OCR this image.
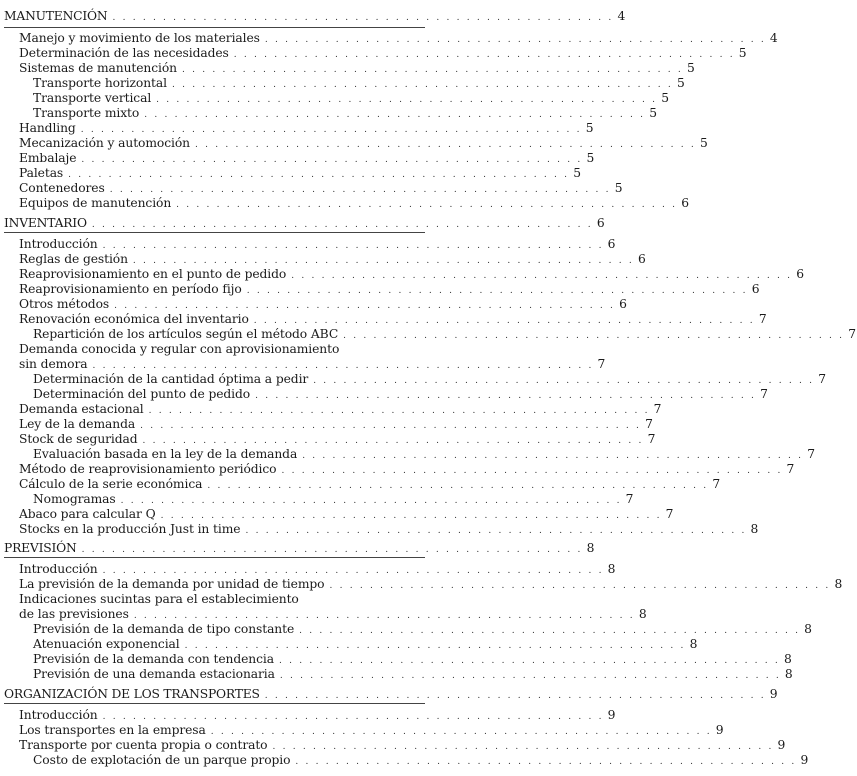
MANUTENCIÓN . . . . . . . . . . . . . . . . . . . . . . . . . . . . . . . . . . . . . . . . . . . . . . . . . . 4
Manejo y movimiento de los materiales . . . . . . . . . . . . . . . . . . . . . . . . . . . . . . . . . . . . . . . . . . . . . . . . . . 4
Determinación de las necesidades . . . . . . . . . . . . . . . . . . . . . . . . . . . . . . . . . . . . . . . . . . . . . . . . . . 5
Sistemas de manutención . . . . . . . . . . . . . . . . . . . . . . . . . . . . . . . . . . . . . . . . . . . . . . . . . . 5
Transporte horizontal . . . . . . . . . . . . . . . . . . . . . . . . . . . . . . . . . . . . . . . . . . . . . . . . . . 5
Transporte vertical . . . . . . . . . . . . . . . . . . . . . . . . . . . . . . . . . . . . . . . . . . . . . . . . . . 5
Transporte mixto . . . . . . . . . . . . . . . . . . . . . . . . . . . . . . . . . . . . . . . . . . . . . . . . . . 5
Handling . . . . . . . . . . . . . . . . . . . . . . . . . . . . . . . . . . . . . . . . . . . . . . . . . . 5
Mecanización y automoción . . . . . . . . . . . . . . . . . . . . . . . . . . . . . . . . . . . . . . . . . . . . . . . . . . 5
Embalaje . . . . . . . . . . . . . . . . . . . . . . . . . . . . . . . . . . . . . . . . . . . . . . . . . . 5
Paletas . . . . . . . . . . . . . . . . . . . . . . . . . . . . . . . . . . . . . . . . . . . . . . . . . . 5
Contenedores . . . . . . . . . . . . . . . . . . . . . . . . . . . . . . . . . . . . . . . . . . . . . . . . . . 5
Equipos de manutención . . . . . . . . . . . . . . . . . . . . . . . . . . . . . . . . . . . . . . . . . . . . . . . . . . 6
INVENTARIO . . . . . . . . . . . . . . . . . . . . . . . . . . . . . . . . . . . . . . . . . . . . . . . . . . 6
Introducción . . . . . . . . . . . . . . . . . . . . . . . . . . . . . . . . . . . . . . . . . . . . . . . . . . 6
Reglas de gestión . . . . . . . . . . . . . . . . . . . . . . . . . . . . . . . . . . . . . . . . . . . . . . . . . . 6
Reaprovisionamiento en el punto de pedido . . . . . . . . . . . . . . . . . . . . . . . . . . . . . . . . . . . . . . . . . . . . . . . . . . 6
Reaprovisionamiento en período fijo . . . . . . . . . . . . . . . . . . . . . . . . . . . . . . . . . . . . . . . . . . . . . . . . . . 6
Otros métodos . . . . . . . . . . . . . . . . . . . . . . . . . . . . . . . . . . . . . . . . . . . . . . . . . . 6
Renovación económica del inventario . . . . . . . . . . . . . . . . . . . . . . . . . . . . . . . . . . . . . . . . . . . . . . . . . . 7
Repartición de los artículos según el método ABC . . . . . . . . . . . . . . . . . . . . . . . . . . . . . . . . . . . . . . . . . . . . . . . . . . 7
Demanda conocida y regular con aprovisionamiento
sin demora . . . . . . . . . . . . . . . . . . . . . . . . . . . . . . . . . . . . . . . . . . . . . . . . . . 7
Determinación de la cantidad óptima a pedir . . . . . . . . . . . . . . . . . . . . . . . . . . . . . . . . . . . . . . . . . . . . . . . . . . 7
Determinación del punto de pedido . . . . . . . . . . . . . . . . . . . . . . . . . . . . . . . . . . . . . . . . . . . . . . . . . . 7
Demanda estacional . . . . . . . . . . . . . . . . . . . . . . . . . . . . . . . . . . . . . . . . . . . . . . . . . . 7
Ley de la demanda . . . . . . . . . . . . . . . . . . . . . . . . . . . . . . . . . . . . . . . . . . . . . . . . . . 7
Stock de seguridad . . . . . . . . . . . . . . . . . . . . . . . . . . . . . . . . . . . . . . . . . . . . . . . . . . 7
Evaluación basada en la ley de la demanda . . . . . . . . . . . . . . . . . . . . . . . . . . . . . . . . . . . . . . . . . . . . . . . . . . 7
Método de reaprovisionamiento periódico . . . . . . . . . . . . . . . . . . . . . . . . . . . . . . . . . . . . . . . . . . . . . . . . . . 7
Cálculo de la serie económica . . . . . . . . . . . . . . . . . . . . . . . . . . . . . . . . . . . . . . . . . . . . . . . . . . 7
Nomogramas . . . . . . . . . . . . . . . . . . . . . . . . . . . . . . . . . . . . . . . . . . . . . . . . . . 7
Abaco para calcular Q . . . . . . . . . . . . . . . . . . . . . . . . . . . . . . . . . . . . . . . . . . . . . . . . . . 7
Stocks en la producción Just in time . . . . . . . . . . . . . . . . . . . . . . . . . . . . . . . . . . . . . . . . . . . . . . . . . . 8
PREVISIÓN . . . . . . . . . . . . . . . . . . . . . . . . . . . . . . . . . . . . . . . . . . . . . . . . . . 8
Introducción . . . . . . . . . . . . . . . . . . . . . . . . . . . . . . . . . . . . . . . . . . . . . . . . . . 8
La previsión de la demanda por unidad de tiempo . . . . . . . . . . . . . . . . . . . . . . . . . . . . . . . . . . . . . . . . . . . . . . . . . . 8
Indicaciones sucintas para el establecimiento
de las previsiones . . . . . . . . . . . . . . . . . . . . . . . . . . . . . . . . . . . . . . . . . . . . . . . . . . 8
Previsión de la demanda de tipo constante . . . . . . . . . . . . . . . . . . . . . . . . . . . . . . . . . . . . . . . . . . . . . . . . . . 8
Atenuación exponencial . . . . . . . . . . . . . . . . . . . . . . . . . . . . . . . . . . . . . . . . . . . . . . . . . . 8
Previsión de la demanda con tendencia . . . . . . . . . . . . . . . . . . . . . . . . . . . . . . . . . . . . . . . . . . . . . . . . . . 8
Previsión de una demanda estacionaria . . . . . . . . . . . . . . . . . . . . . . . . . . . . . . . . . . . . . . . . . . . . . . . . . . 8
ORGANIZACIÓN DE LOS TRANSPORTES . . . . . . . . . . . . . . . . . . . . . . . . . . . . . . . . . . . . . . . . . . . . . . . . . . 9
Introducción . . . . . . . . . . . . . . . . . . . . . . . . . . . . . . . . . . . . . . . . . . . . . . . . . . 9
Los transportes en la empresa . . . . . . . . . . . . . . . . . . . . . . . . . . . . . . . . . . . . . . . . . . . . . . . . . . 9
Transporte por cuenta propia o contrato . . . . . . . . . . . . . . . . . . . . . . . . . . . . . . . . . . . . . . . . . . . . . . . . . . 9
Costo de explotación de un parque propio . . . . . . . . . . . . . . . . . . . . . . . . . . . . . . . . . . . . . . . . . . . . . . . . . . 9
